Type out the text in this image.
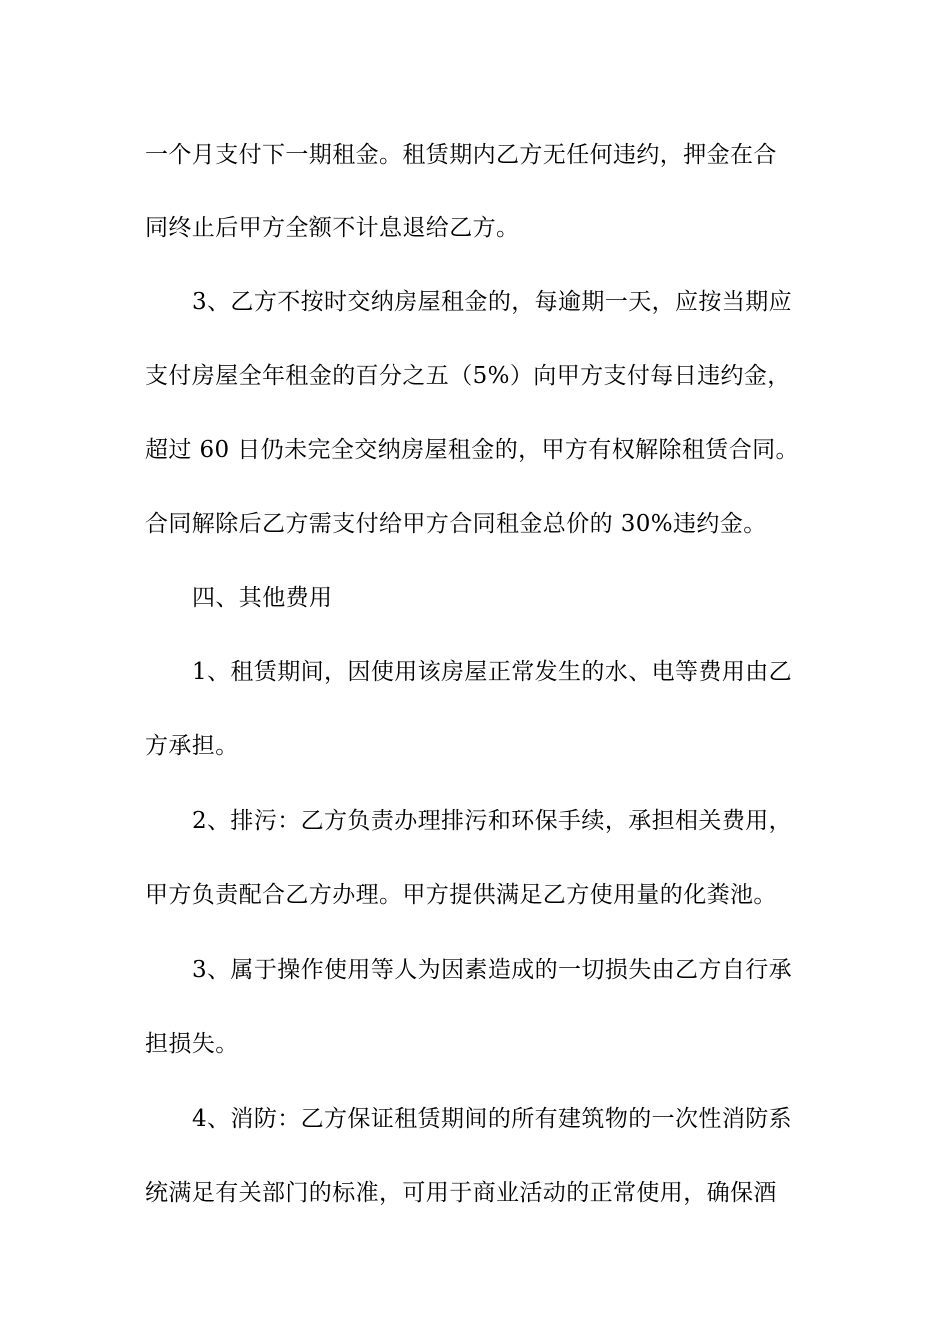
一个月支付下一期租金。租赁期内乙方无任何违约，押金在合
同终止后甲方全额不计息退给乙方。
3、乙方不按时交纳房屋租金的，每逾期一天，应按当期应
支付房屋全年租金的百分之五（5%）向甲方支付每日违约金，
超过 60 日仍未完全交纳房屋租金的，甲方有权解除租赁合同。
合同解除后乙方需支付给甲方合同租金总价的 30%违约金。
四、其他费用
1、租赁期间，因使用该房屋正常发生的水、电等费用由乙
方承担。
2、排污：乙方负责办理排污和环保手续，承担相关费用，
甲方负责配合乙方办理。甲方提供满足乙方使用量的化粪池。
3、属于操作使用等人为因素造成的一切损失由乙方自行承
担损失。
4、消防：乙方保证租赁期间的所有建筑物的一次性消防系
统满足有关部门的标准，可用于商业活动的正常使用，确保酒
